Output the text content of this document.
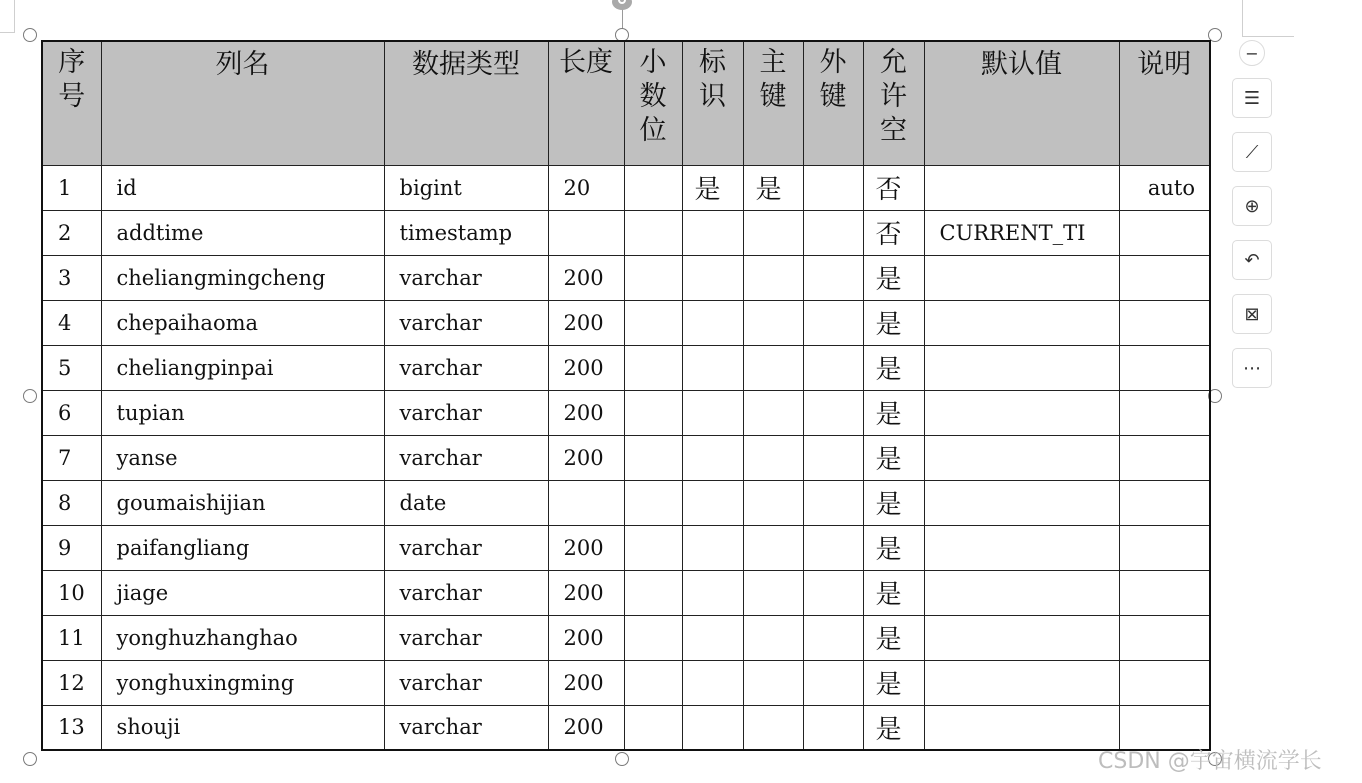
序号	列名	数据类型	长度	小数位	标识	主键	外键	允许空	默认值	说明
1	id	bigint	20		是	是		否		auto
2	addtime	timestamp						否	CURRENT_TI	
3	cheliangmingcheng	varchar	200					是		
4	chepaihaoma	varchar	200					是		
5	cheliangpinpai	varchar	200					是		
6	tupian	varchar	200					是		
7	yanse	varchar	200					是		
8	goumaishijian	date						是		
9	paifangliang	varchar	200					是		
10	jiage	varchar	200					是		
11	yonghuzhanghao	varchar	200					是		
12	yonghuxingming	varchar	200					是		
13	shouji	varchar	200					是		
−
☰
⟋
⊕
↶
⊠
⋯
CSDN @宇宙横流学长
